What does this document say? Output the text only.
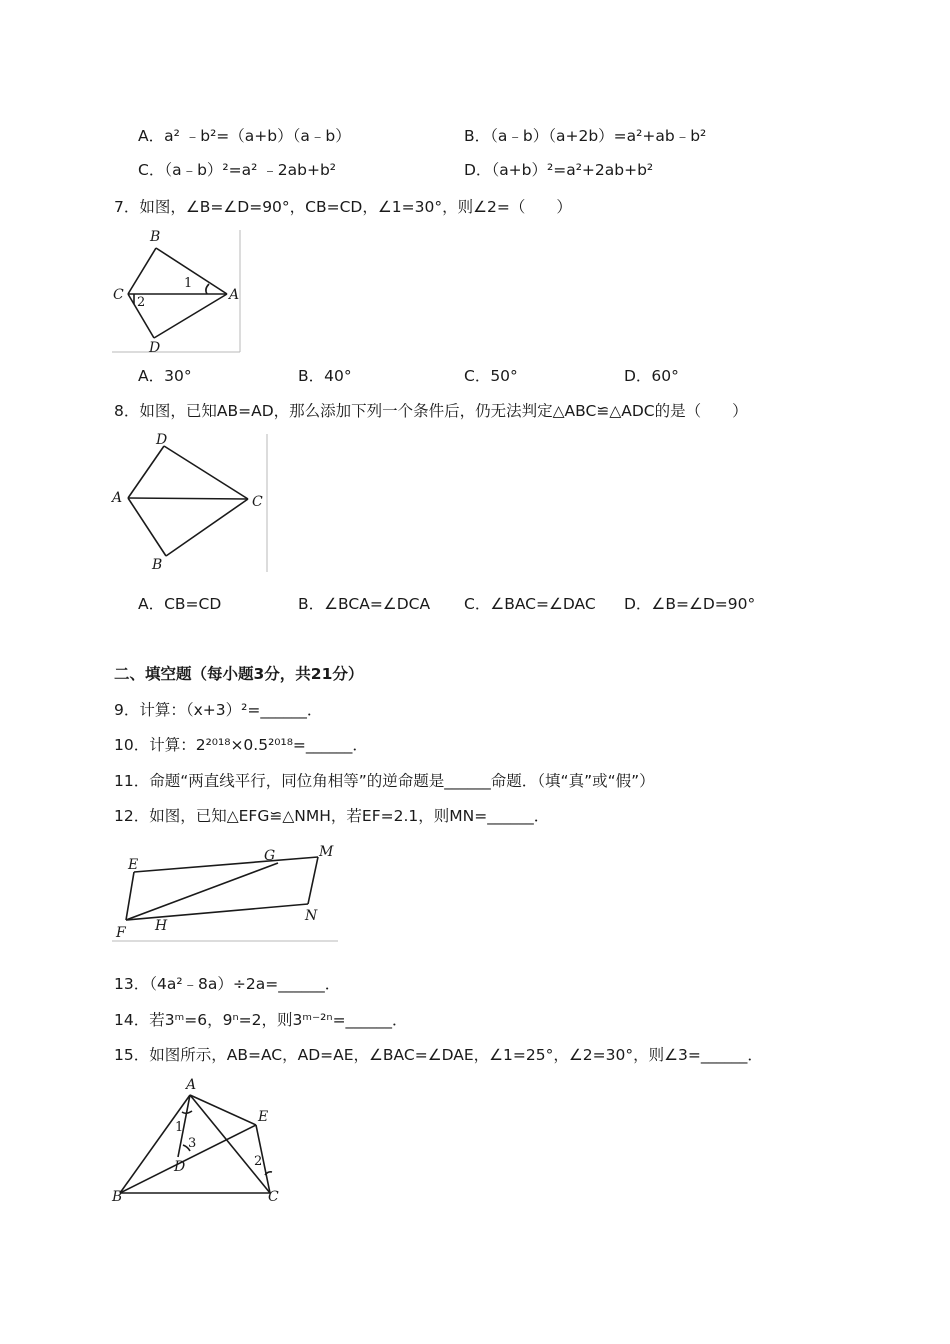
A．a² ﹣b²=（a+b）（a﹣b）	B．（a﹣b）（a+2b）=a²+ab﹣b²
C．（a﹣b）²=a² ﹣2ab+b²	D．（a+b）²=a²+2ab+b²
7．如图，∠B=∠D=90°，CB=CD，∠1=30°，则∠2=（　　）
B
C	A
D
1
2
A．30°	B．40°	C．50°	D．60°
8．如图，已知AB=AD，那么添加下列一个条件后，仍无法判定△ABC≌△ADC的是（　　）
D
A	C
B
A．CB=CD	B．∠BCA=∠DCA C．∠BAC=∠DAC D．∠B=∠D=90°
二、填空题（每小题3分，共21分）
9．计算：（x+3）²=______．
10．计算：2²⁰¹⁸×0.5²⁰¹⁸=______．
11．命题“两直线平行，同位角相等”的逆命题是______命题．（填“真”或“假”）
12．如图，已知△EFG≌△NMH，若EF=2.1，则MN=______．
E
G	M
F H
N
13．（4a²﹣8a）÷2a=______．
14．若3ᵐ=6，9ⁿ=2，则3ᵐ⁻²ⁿ=______．
15．如图所示，AB=AC，AD=AE，∠BAC=∠DAE，∠1=25°，∠2=30°，则∠3=______．
A
E
1
3
D	2
B	C
